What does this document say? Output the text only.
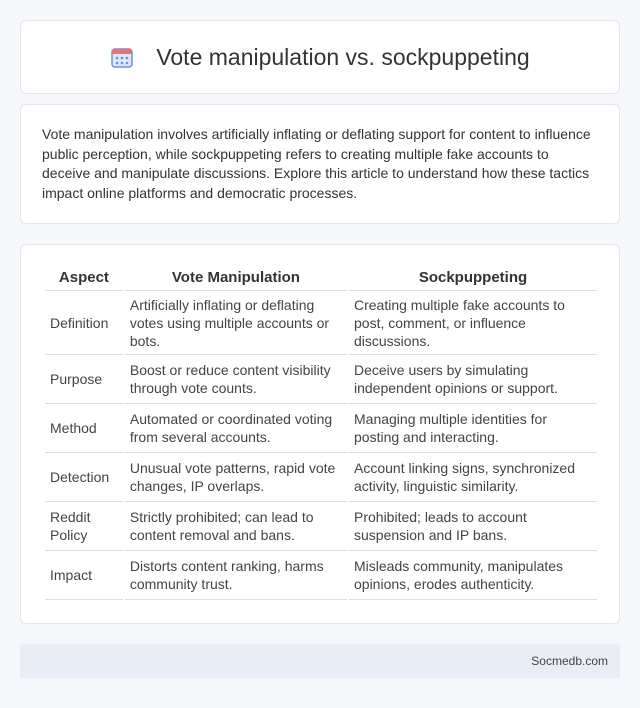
Vote manipulation vs. sockpuppeting

Vote manipulation involves artificially inflating or deflating support for content to influence public perception, while sockpuppeting refers to creating multiple fake accounts to deceive and manipulate discussions. Explore this article to understand how these tactics impact online platforms and democratic processes.

Aspect	Vote Manipulation	Sockpuppeting
Definition	Artificially inflating or deflating votes using multiple accounts or bots.	Creating multiple fake accounts to post, comment, or influence discussions.
Purpose	Boost or reduce content visibility through vote counts.	Deceive users by simulating independent opinions or support.
Method	Automated or coordinated voting from several accounts.	Managing multiple identities for posting and interacting.
Detection	Unusual vote patterns, rapid vote changes, IP overlaps.	Account linking signs, synchronized activity, linguistic similarity.
Reddit Policy	Strictly prohibited; can lead to content removal and bans.	Prohibited; leads to account suspension and IP bans.
Impact	Distorts content ranking, harms community trust.	Misleads community, manipulates opinions, erodes authenticity.
Socmedb.com
